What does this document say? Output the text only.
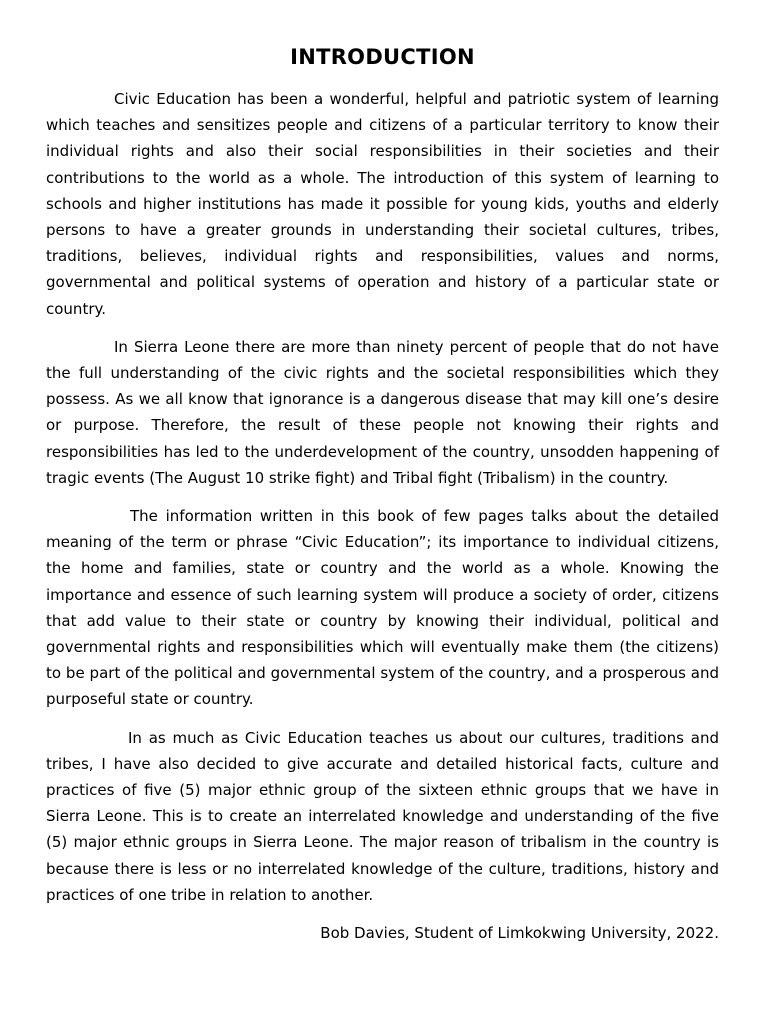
INTRODUCTION

Civic Education has been a wonderful, helpful and patriotic system of learning which teaches and sensitizes people and citizens of a particular territory to know their individual rights and also their social responsibilities in their societies and their contributions to the world as a whole. The introduction of this system of learning to schools and higher institutions has made it possible for young kids, youths and elderly persons to have a greater grounds in understanding their societal cultures, tribes, traditions, believes, individual rights and responsibilities, values and norms, governmental and political systems of operation and history of a particular state or country.

In Sierra Leone there are more than ninety percent of people that do not have the full understanding of the civic rights and the societal responsibilities which they possess. As we all know that ignorance is a dangerous disease that may kill one’s desire or purpose. Therefore, the result of these people not knowing their rights and responsibilities has led to the underdevelopment of the country, unsodden happening of tragic events (The August 10 strike fight) and Tribal fight (Tribalism) in the country.

The information written in this book of few pages talks about the detailed meaning of the term or phrase “Civic Education”; its importance to individual citizens, the home and families, state or country and the world as a whole. Knowing the importance and essence of such learning system will produce a society of order, citizens that add value to their state or country by knowing their individual, political and governmental rights and responsibilities which will eventually make them (the citizens) to be part of the political and governmental system of the country, and a prosperous and purposeful state or country.

In as much as Civic Education teaches us about our cultures, traditions and tribes, I have also decided to give accurate and detailed historical facts, culture and practices of five (5) major ethnic group of the sixteen ethnic groups that we have in Sierra Leone. This is to create an interrelated knowledge and understanding of the five (5) major ethnic groups in Sierra Leone. The major reason of tribalism in the country is because there is less or no interrelated knowledge of the culture, traditions, history and practices of one tribe in relation to another.

Bob Davies, Student of Limkokwing University, 2022.
